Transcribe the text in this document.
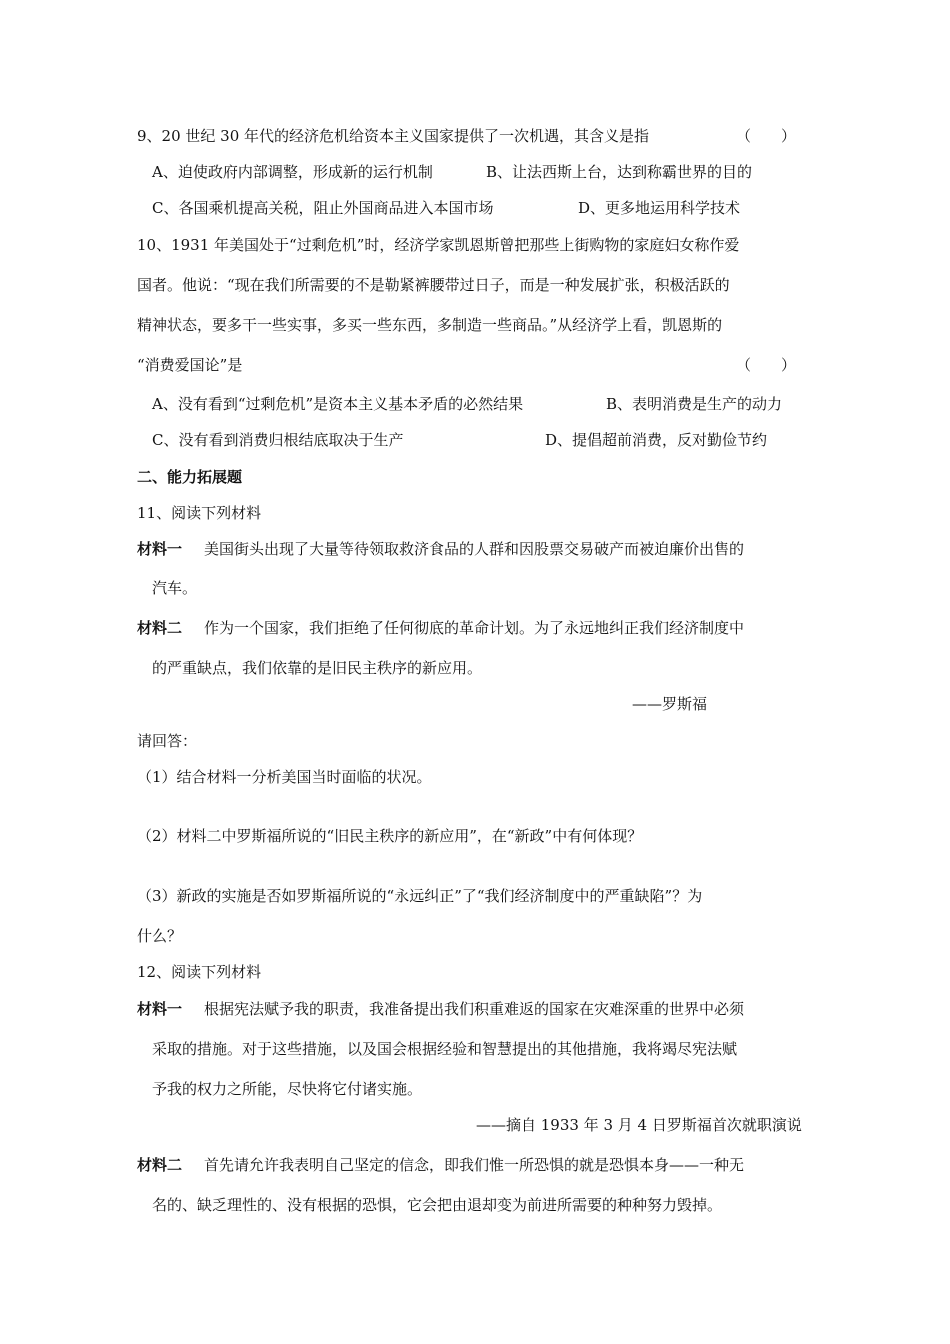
9、20 世纪 30 年代的经济危机给资本主义国家提供了一次机遇，其含义是指	（　　）
A、迫使政府内部调整，形成新的运行机制	B、让法西斯上台，达到称霸世界的目的
C、各国乘机提高关税，阻止外国商品进入本国市场	D、更多地运用科学技术
10、1931 年美国处于“过剩危机”时，经济学家凯恩斯曾把那些上街购物的家庭妇女称作爱
国者。他说：“现在我们所需要的不是勒紧裤腰带过日子，而是一种发展扩张，积极活跃的
精神状态，要多干一些实事，多买一些东西，多制造一些商品。”从经济学上看，凯恩斯的
“消费爱国论”是	（　　）
A、没有看到“过剩危机”是资本主义基本矛盾的必然结果	B、表明消费是生产的动力
C、没有看到消费归根结底取决于生产	D、提倡超前消费，反对勤俭节约
二、能力拓展题
11、阅读下列材料
材料一 美国街头出现了大量等待领取救济食品的人群和因股票交易破产而被迫廉价出售的
汽车。
材料二 作为一个国家，我们拒绝了任何彻底的革命计划。为了永远地纠正我们经济制度中
的严重缺点，我们依靠的是旧民主秩序的新应用。
——罗斯福
请回答：
（1）结合材料一分析美国当时面临的状况。
（2）材料二中罗斯福所说的“旧民主秩序的新应用”，在“新政”中有何体现？
（3）新政的实施是否如罗斯福所说的“永远纠正”了“我们经济制度中的严重缺陷”？为
什么？
12、阅读下列材料
材料一 根据宪法赋予我的职责，我准备提出我们积重难返的国家在灾难深重的世界中必须
采取的措施。对于这些措施，以及国会根据经验和智慧提出的其他措施，我将竭尽宪法赋
予我的权力之所能，尽快将它付诸实施。
——摘自 1933 年 3 月 4 日罗斯福首次就职演说
材料二 首先请允许我表明自己坚定的信念，即我们惟一所恐惧的就是恐惧本身——一种无
名的、缺乏理性的、没有根据的恐惧，它会把由退却变为前进所需要的种种努力毁掉。
